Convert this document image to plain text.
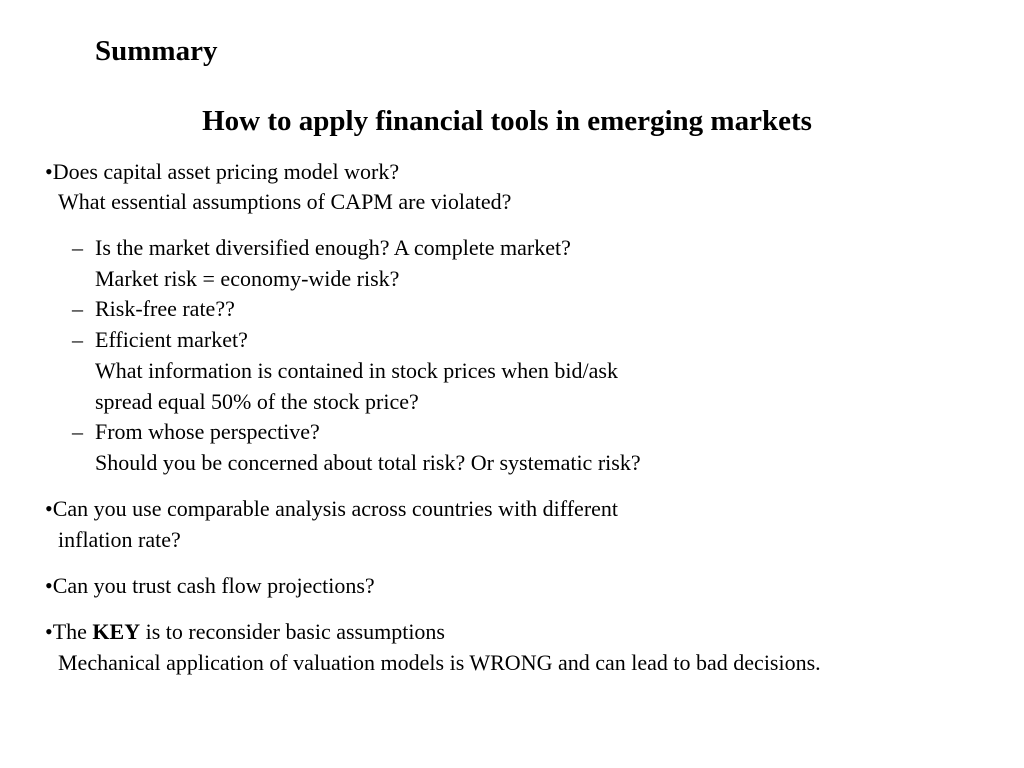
Summary
How to apply financial tools in emerging markets
•Does capital asset pricing model work?
What essential assumptions of CAPM are violated?
– Is the market diversified enough? A complete market?
Market risk = economy-wide risk?
– Risk-free rate??
– Efficient market?
What information is contained in stock prices when bid/ask
spread equal 50% of the stock price?
– From whose perspective?
Should you be concerned about total risk? Or systematic risk?
•Can you use comparable analysis across countries with different
inflation rate?
•Can you trust cash flow projections?
•The KEY is to reconsider basic assumptions
Mechanical application of valuation models is WRONG and can lead to bad decisions.
